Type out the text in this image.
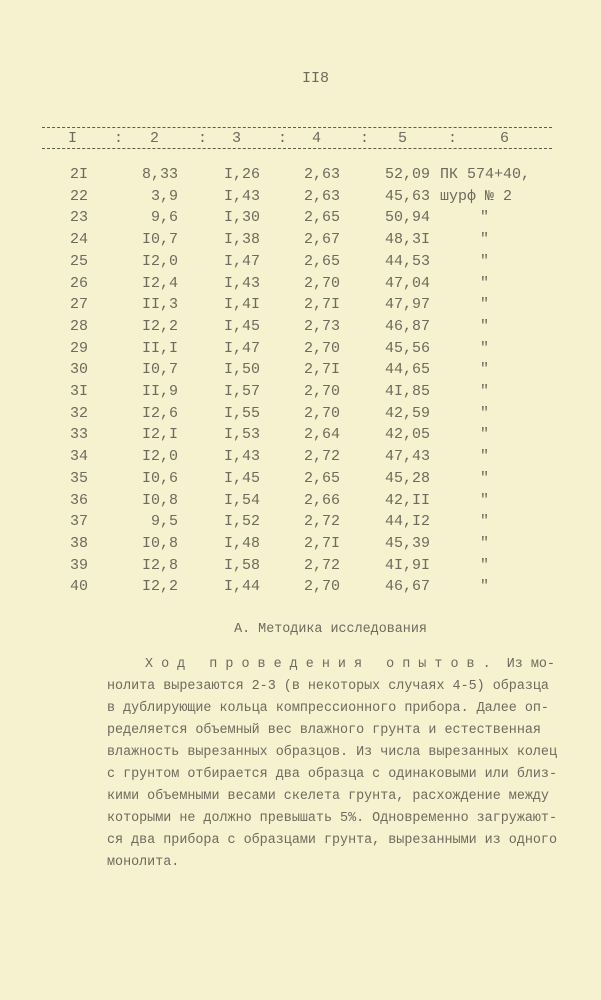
II8
I : 2	: 3 : 4	: 5	:	6
2I	8,33	I,26	2,63	52,09 ПК 574+40,
22	3,9	I,43	2,63	45,63 шурф № 2
23	9,6	I,30	2,65	50,94	"
24	I0,7	I,38	2,67	48,3I	"
25	I2,0	I,47	2,65	44,53	"
26	I2,4	I,43	2,70	47,04	"
27	II,3	I,4I	2,7I	47,97	"
28	I2,2	I,45	2,73	46,87	"
29	II,I	I,47	2,70	45,56	"
30	I0,7	I,50	2,7I	44,65	"
3I	II,9	I,57	2,70	4I,85	"
32	I2,6	I,55	2,70	42,59	"
33	I2,I	I,53	2,64	42,05	"
34	I2,0	I,43	2,72	47,43	"
35	I0,6	I,45	2,65	45,28	"
36	I0,8	I,54	2,66	42,II	"
37	9,5	I,52	2,72	44,I2	"
38	I0,8	I,48	2,7I	45,39	"
39	I2,8	I,58	2,72	4I,9I	"
40	I2,2	I,44	2,70	46,67	"
А. Методика исследования
Ход проведения опытов. Из мо-
нолита вырезаются 2-3 (в некоторых случаях 4-5) образца
в дублирующие кольца компрессионного прибора. Далее оп-
ределяется объемный вес влажного грунта и естественная
влажность вырезанных образцов. Из числа вырезанных колец
с грунтом отбирается два образца с одинаковыми или близ-
кими объемными весами скелета грунта, расхождение между
которыми не должно превышать 5%. Одновременно загружают-
ся два прибора с образцами грунта, вырезанными из одного
монолита.
